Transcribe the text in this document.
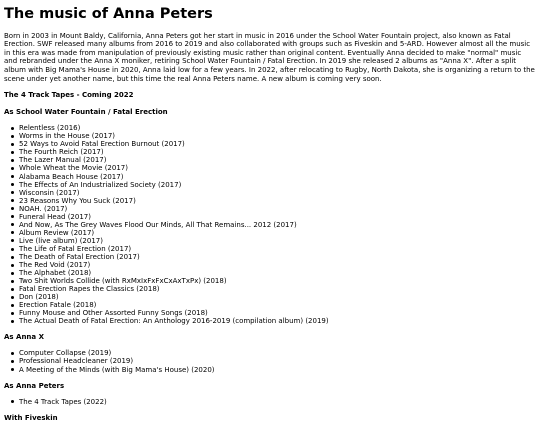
The music of Anna Peters

Born in 2003 in Mount Baldy, California, Anna Peters got her start in music in 2016 under the School Water Fountain project, also known as Fatal Erection. SWF released many albums from 2016 to 2019 and also collaborated with groups such as Fiveskin and 5-ARD. However almost all the music in this era was made from manipulation of previously existing music rather than original content. Eventually Anna decided to make "normal" music and rebranded under the Anna X moniker, retiring School Water Fountain / Fatal Erection. In 2019 she released 2 albums as "Anna X". After a split album with Big Mama's House in 2020, Anna laid low for a few years. In 2022, after relocating to Rugby, North Dakota, she is organizing a return to the scene under yet another name, but this time the real Anna Peters name. A new album is coming very soon.

The 4 Track Tapes - Coming 2022
As School Water Fountain / Fatal Erection
Relentless (2016)
Worms in the House (2017)
52 Ways to Avoid Fatal Erection Burnout (2017)
The Fourth Reich (2017)
The Lazer Manual (2017)
Whole Wheat the Movie (2017)
Alabama Beach House (2017)
The Effects of An Industrialized Society (2017)
Wisconsin (2017)
23 Reasons Why You Suck (2017)
NOAH. (2017)
Funeral Head (2017)
And Now, As The Grey Waves Flood Our Minds, All That Remains... 2012 (2017)
Album Review (2017)
Live (live album) (2017)
The Life of Fatal Erection (2017)
The Death of Fatal Erection (2017)
The Red Void (2017)
The Alphabet (2018)
Two Shit Worlds Collide (with RxMxIxFxFxCxAxTxPx) (2018)
Fatal Erection Rapes the Classics (2018)
Don (2018)
Erection Fatale (2018)
Funny Mouse and Other Assorted Funny Songs (2018)
The Actual Death of Fatal Erection: An Anthology 2016-2019 (compilation album) (2019)
As Anna X
Computer Collapse (2019)
Professional Headcleaner (2019)
A Meeting of the Minds (with Big Mama's House) (2020)
As Anna Peters
The 4 Track Tapes (2022)
With Fiveskin
